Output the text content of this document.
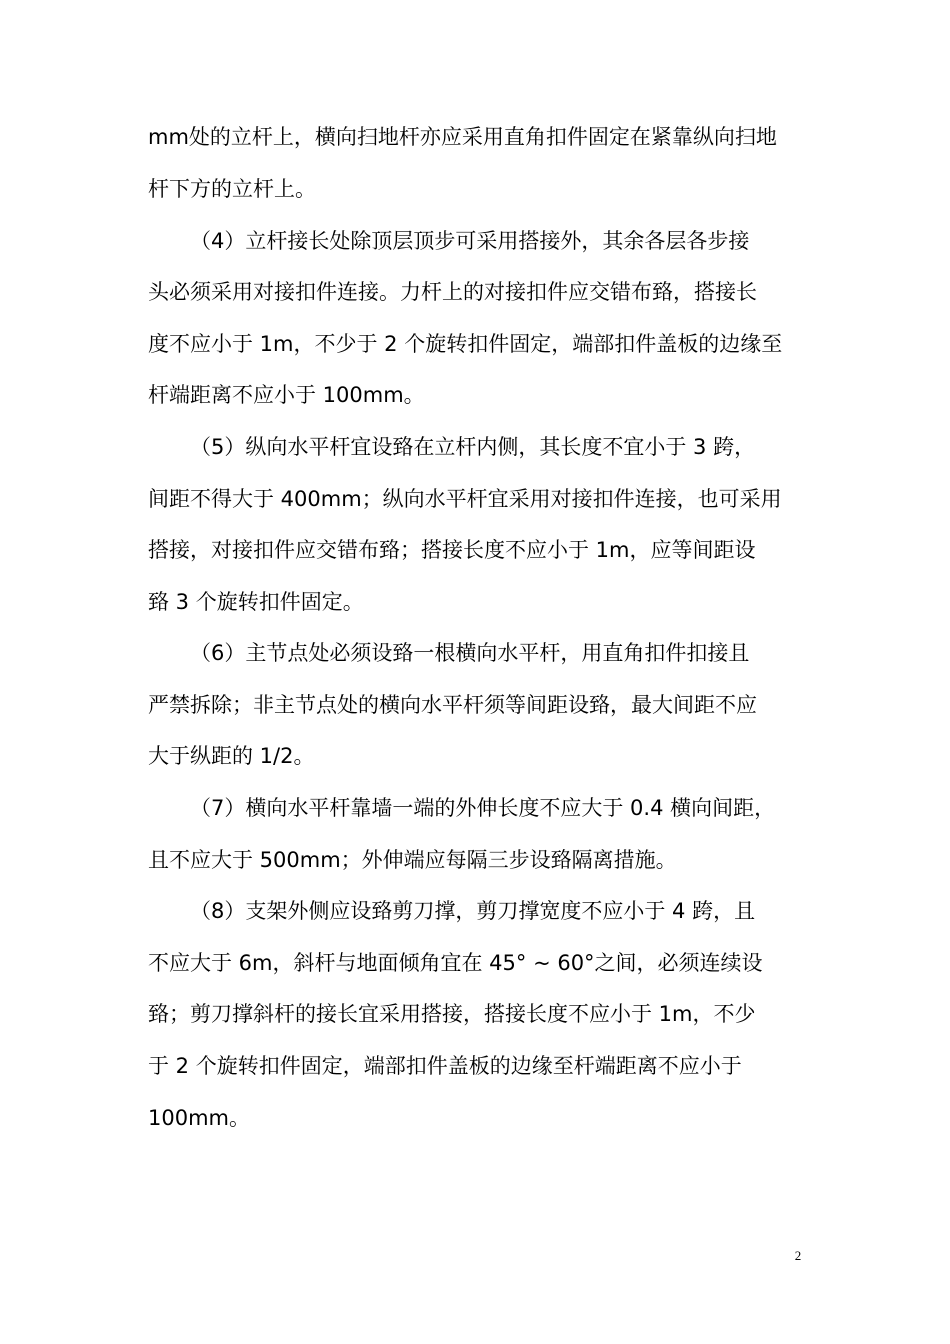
mm处的立杆上，横向扫地杆亦应采用直角扣件固定在紧靠纵向扫地
杆下方的立杆上。
（4）立杆接长处除顶层顶步可采用搭接外，其余各层各步接
头必须采用对接扣件连接。力杆上的对接扣件应交错布臵，搭接长
度不应小于 1m，不少于 2 个旋转扣件固定，端部扣件盖板的边缘至
杆端距离不应小于 100mm。
（5）纵向水平杆宜设臵在立杆内侧，其长度不宜小于 3 跨，
间距不得大于 400mm；纵向水平杆宜采用对接扣件连接，也可采用
搭接，对接扣件应交错布臵；搭接长度不应小于 1m，应等间距设
臵 3 个旋转扣件固定。
（6）主节点处必须设臵一根横向水平杆，用直角扣件扣接且
严禁拆除；非主节点处的横向水平杆须等间距设臵，最大间距不应
大于纵距的 1/2。
（7）横向水平杆靠墙一端的外伸长度不应大于 0.4 横向间距，
且不应大于 500mm；外伸端应每隔三步设臵隔离措施。
（8）支架外侧应设臵剪刀撑，剪刀撑宽度不应小于 4 跨，且
不应大于 6m，斜杆与地面倾角宜在 45° ~ 60°之间，必须连续设
臵；剪刀撑斜杆的接长宜采用搭接，搭接长度不应小于 1m，不少
于 2 个旋转扣件固定，端部扣件盖板的边缘至杆端距离不应小于
100mm。
2
